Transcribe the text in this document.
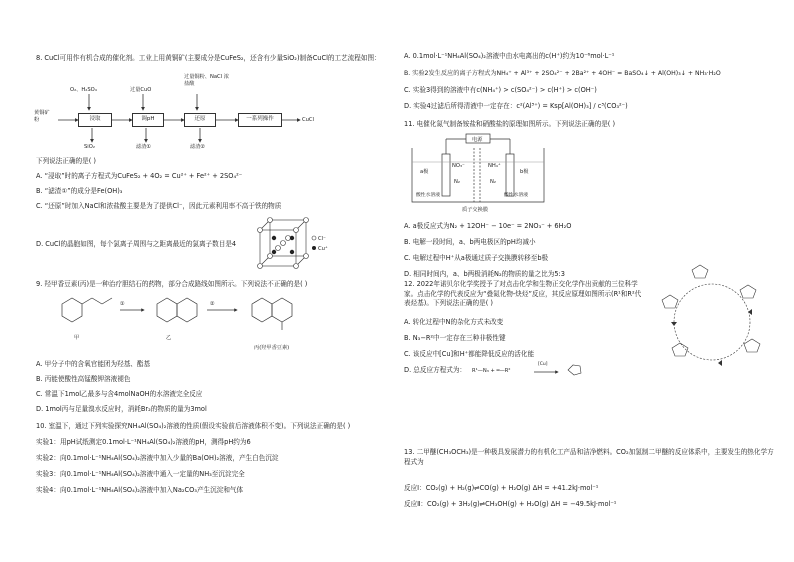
8. CuCl可用作有机合成的催化剂。工业上用黄铜矿(主要成分是CuFeS₂，还含有少量SiO₂)制备CuCl的工艺流程如图：
黄铜矿粉
O₂、H₂SO₄
浸取
过量CuO
调pH
过量铜粉、NaCl 浓盐酸
还原	一系列操作	CuCl
SiO₂	滤渣①	滤渣②
下列说法正确的是( )
A. “浸取”时的离子方程式为CuFeS₂ + 4O₂ = Cu²⁺ + Fe²⁺ + 2SO₄²⁻
B. “滤渣①”的成分是Fe(OH)₃
C. “还原”时加入NaCl和浓盐酸主要是为了提供Cl⁻，因此元素利用率不高于铁的物质
D. CuCl的晶胞如图，每个氯离子周围与之距离最近的氯离子数目是4
Cl⁻
Cu⁺
9. 羟甲香豆素(丙)是一种治疗胆结石的药物，部分合成路线如图所示。下列说法不正确的是( )
①	②
甲	乙
丙(羟甲香豆素)
A. 甲分子中的含氧官能团为羟基、酯基
B. 丙能使酸性高锰酸钾溶液褪色
C. 常温下1mol乙最多与含4molNaOH的水溶液完全反应
D. 1mol丙与足量溴水反应时，消耗Br₂的物质的量为3mol
10. 室温下，通过下列实验探究NH₄Al(SO₄)₂溶液的性质(假设实验前后溶液体积不变)。下列说法正确的是( )
实验1：用pH试纸测定0.1mol·L⁻¹NH₄Al(SO₄)₂溶液的pH，测得pH约为6
实验2：向0.1mol·L⁻¹NH₄Al(SO₄)₂溶液中加入少量的Ba(OH)₂溶液，产生白色沉淀
实验3：向0.1mol·L⁻¹NH₄Al(SO₄)₂溶液中通入一定量的NH₃至沉淀完全
实验4：向0.1mol·L⁻¹NH₄Al(SO₄)₂溶液中加入Na₂CO₃产生沉淀和气体
A. 0.1mol·L⁻¹NH₄Al(SO₄)₂溶液中由水电离出的c(H⁺)约为10⁻⁶mol·L⁻¹
B. 实验2发生反应的离子方程式为NH₄⁺ + Al³⁺ + 2SO₄²⁻ + 2Ba²⁺ + 4OH⁻ = BaSO₄↓ + Al(OH)₃↓ + NH₃·H₂O
C. 实验3得到的溶液中有c(NH₄⁺) > c(SO₄²⁻) > c(H⁺) > c(OH⁻)
D. 实验4过滤后所得清液中一定存在：c²(Al³⁺) = Ksp[Al(OH)₃] / c³(CO₃²⁻)
11. 电催化氮气制备铵盐和硝酸盐的原理如图所示。下列说法正确的是( )
电源
a极	b极
NO₃⁻	NH₄⁺
N₂	N₂
酸性水溶液	酸性水溶液
质子交换膜
A. a极反应式为N₂ + 12OH⁻ − 10e⁻ = 2NO₃⁻ + 6H₂O
B. 电解一段时间，a、b两电极区的pH均减小
C. 电解过程中H⁺从a极通过质子交换膜转移至b极
D. 相同时间内，a、b两极消耗N₂的物质的量之比为5:3
12. 2022年诺贝尔化学奖授予了对点击化学和生物正交化学作出贡献的三位科学家。点击化学的代表反应为“叠氮化物-炔烃”反应，其反应原理如图所示(R¹和R²代表烃基)。下列说法正确的是( )
A. 转化过程中N的杂化方式未改变
B. N₃−R²中一定存在三种非极性键
C. 该反应中[Cu]和H⁺都能降低反应的活化能
D. 总反应方程式为： R¹—N₃ + ═—R²
[Cu]
13. 二甲醚(CH₃OCH₃)是一种极具发展潜力的有机化工产品和洁净燃料。CO₂加氢制二甲醚的反应体系中，主要发生的热化学方程式为
反应Ⅰ：CO₂(g) + H₂(g)⇌CO(g) + H₂O(g) ΔH = +41.2kJ·mol⁻¹
反应Ⅱ：CO₂(g) + 3H₂(g)⇌CH₃OH(g) + H₂O(g) ΔH = −49.5kJ·mol⁻¹
